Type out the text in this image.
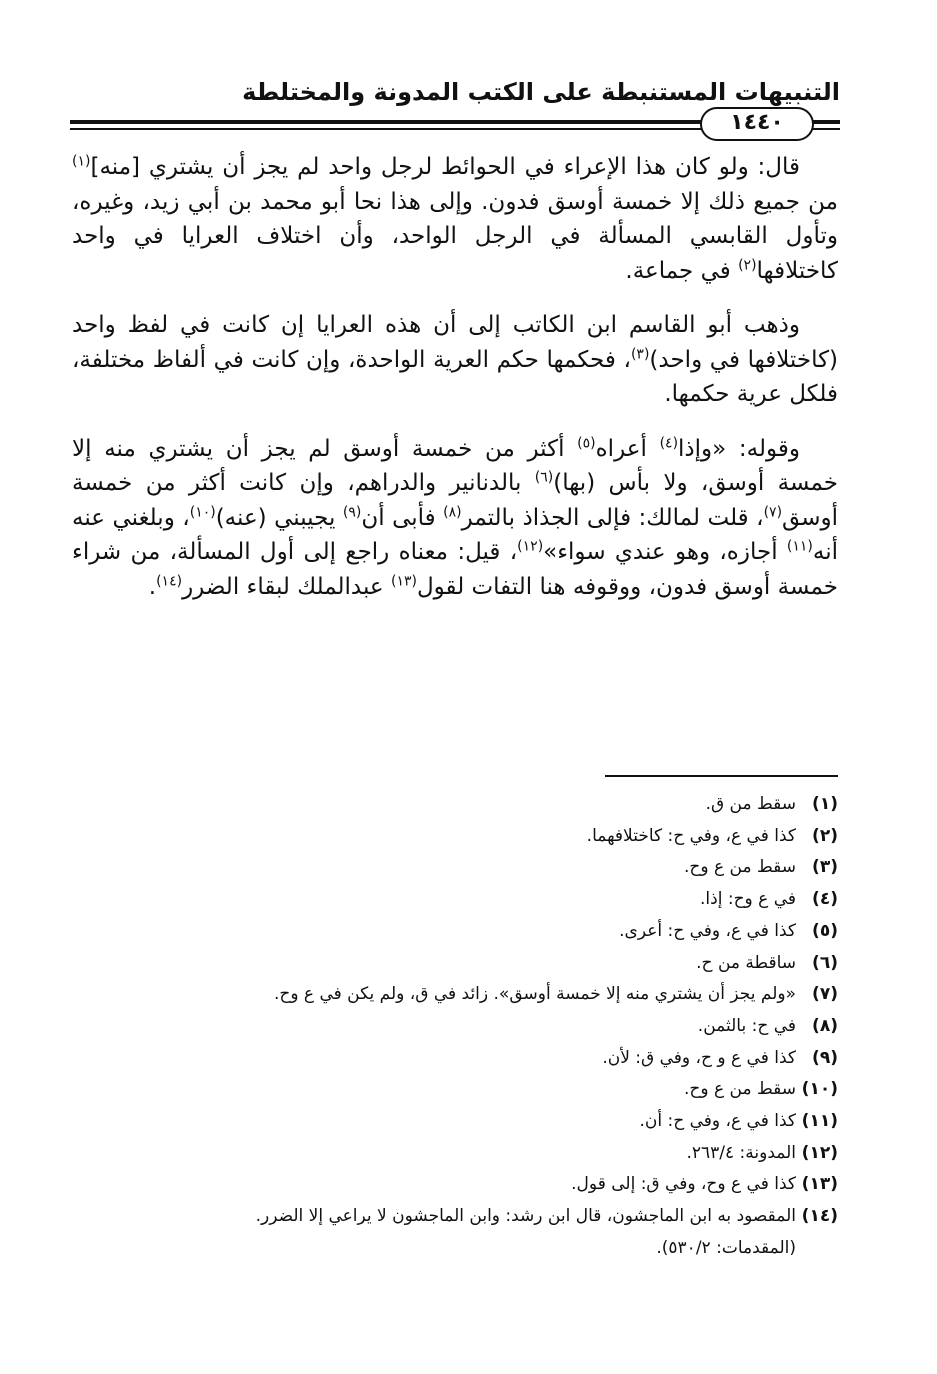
التنبيهات المستنبطة على الكتب المدونة والمختلطة
١٤٤٠

قال: ولو كان هذا الإعراء في الحوائط لرجل واحد لم يجز أن يشتري [منه]$^{(١)}$ من جميع ذلك إلا خمسة أوسق فدون. وإلى هذا نحا أبو محمد بن أبي زيد، وغيره، وتأول القابسي المسألة في الرجل الواحد، وأن اختلاف العرايا في واحد كاختلافها$^{(٢)}$ في جماعة.

وذهب أبو القاسم ابن الكاتب إلى أن هذه العرايا إن كانت في لفظ واحد (كاختلافها في واحد)$^{(٣)}$، فحكمها حكم العرية الواحدة، وإن كانت في ألفاظ مختلفة، فلكل عرية حكمها.

وقوله: «وإذا$^{(٤)}$ أعراه$^{(٥)}$ أكثر من خمسة أوسق لم يجز أن يشتري منه إلا خمسة أوسق، ولا بأس (بها)$^{(٦)}$ بالدنانير والدراهم، وإن كانت أكثر من خمسة أوسق$^{(٧)}$، قلت لمالك: فإلى الجذاذ بالتمر$^{(٨)}$ فأبى أن$^{(٩)}$ يجيبني (عنه)$^{(١٠)}$، وبلغني عنه أنه$^{(١١)}$ أجازه، وهو عندي سواء»$^{(١٢)}$، قيل: معناه راجع إلى أول المسألة، من شراء خمسة أوسق فدون، ووقوفه هنا التفات لقول$^{(١٣)}$ عبدالملك لبقاء الضرر$^{(١٤)}$.

(١)سقط من ق.
(٢)كذا في ع، وفي ح: كاختلافهما.
(٣)سقط من ع وح.
(٤)في ع وح: إذا.
(٥)كذا في ع، وفي ح: أعرى.
(٦)ساقطة من ح.
(٧)«ولم يجز أن يشتري منه إلا خمسة أوسق». زائد في ق، ولم يكن في ع وح.
(٨)في ح: بالثمن.
(٩)كذا في ع و ح، وفي ق: لأن.
(١٠)سقط من ع وح.
(١١)كذا في ع، وفي ح: أن.
(١٢)المدونة: ٢٦٣/٤.
(١٣)كذا في ع وح، وفي ق: إلى قول.
(١٤)المقصود به ابن الماجشون، قال ابن رشد: وابن الماجشون لا يراعي إلا الضرر.
(المقدمات: ٥٣٠/٢).
